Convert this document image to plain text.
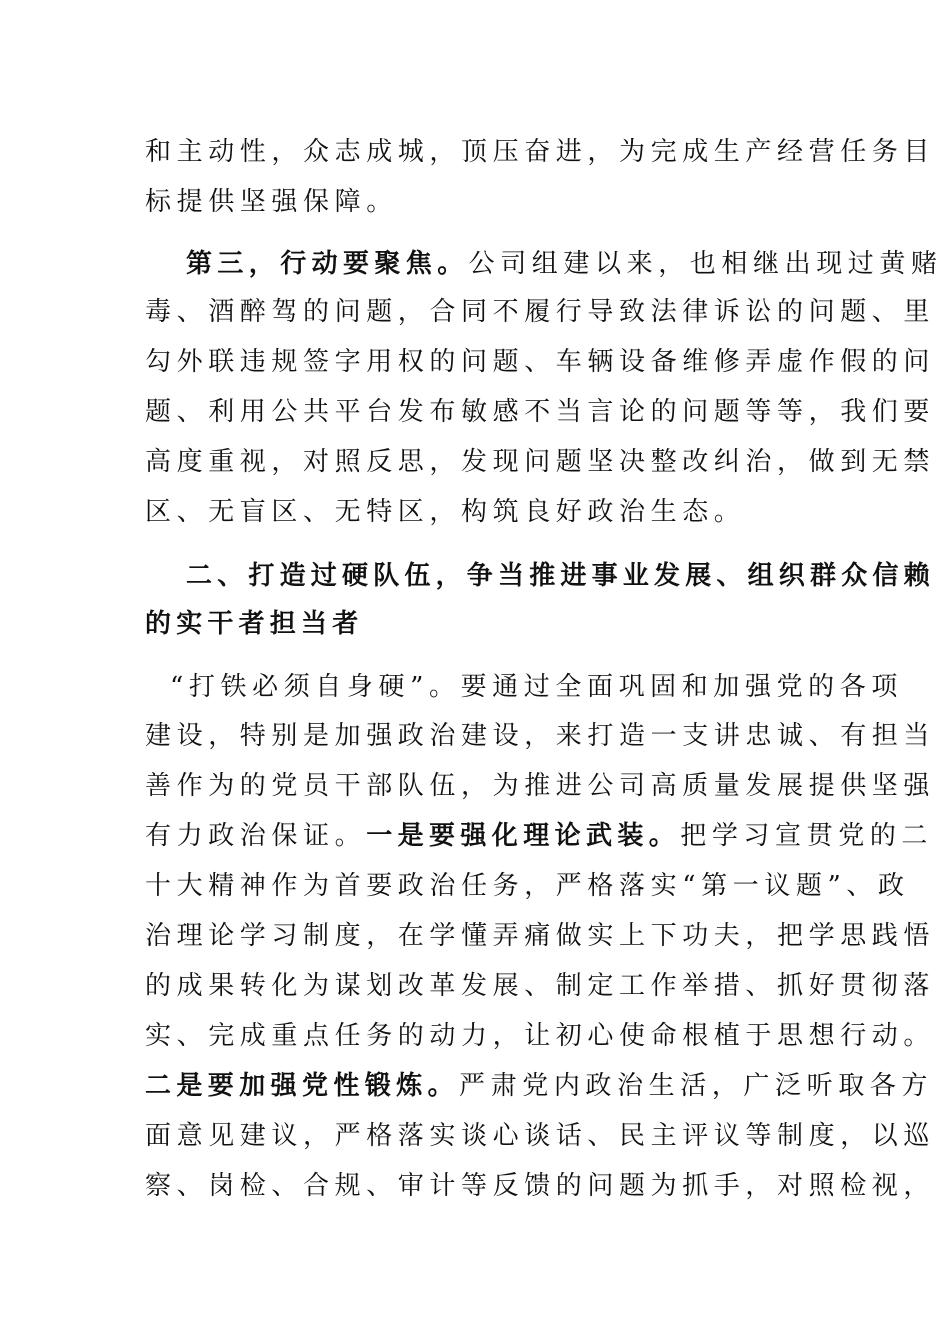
和主动性，众志成城，顶压奋进，为完成生产经营任务目
标提供坚强保障。
第三，行动要聚焦。公司组建以来，也相继出现过黄赌
毒、酒醉驾的问题，合同不履行导致法律诉讼的问题、里
勾外联违规签字用权的问题、车辆设备维修弄虚作假的问
题、利用公共平台发布敏感不当言论的问题等等，我们要
高度重视，对照反思，发现问题坚决整改纠治，做到无禁
区、无盲区、无特区，构筑良好政治生态。
二、打造过硬队伍，争当推进事业发展、组织群众信赖
的实干者担当者
“打铁必须自身硬”。要通过全面巩固和加强党的各项
建设，特别是加强政治建设，来打造一支讲忠诚、有担当
善作为的党员干部队伍，为推进公司高质量发展提供坚强
有力政治保证。一是要强化理论武装。把学习宣贯党的二
十大精神作为首要政治任务，严格落实“第一议题”、政
治理论学习制度，在学懂弄痛做实上下功夫，把学思践悟
的成果转化为谋划改革发展、制定工作举措、抓好贯彻落
实、完成重点任务的动力，让初心使命根植于思想行动。
二是要加强党性锻炼。严肃党内政治生活，广泛听取各方
面意见建议，严格落实谈心谈话、民主评议等制度，以巡
察、岗检、合规、审计等反馈的问题为抓手，对照检视，
